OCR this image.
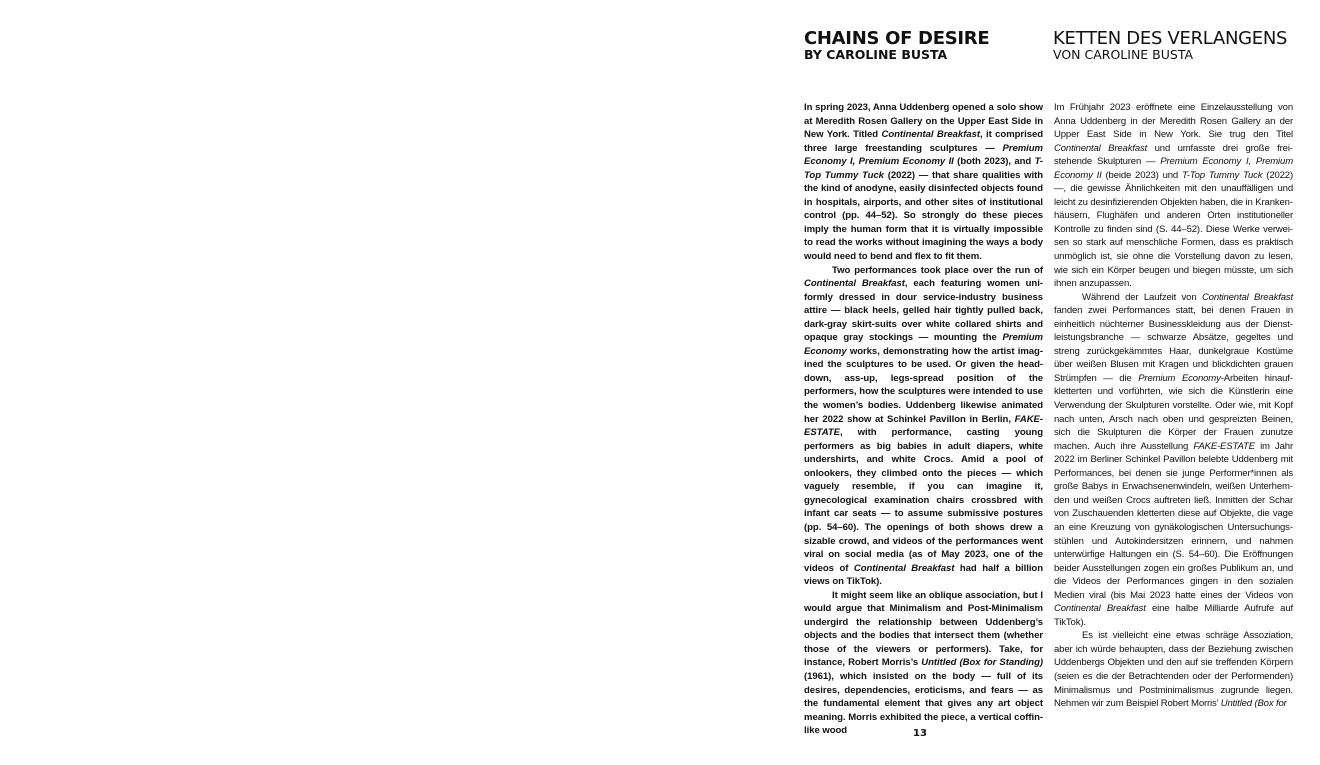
CHAINS OF DESIRE
BY CAROLINE BUSTA
KETTEN DES VERLANGENS
VON CAROLINE BUSTA

In spring 2023, Anna Uddenberg opened a solo show at Meredith Rosen Gallery on the Upper East Side in New York. Titled Continental Breakfast, it comprised three large freestanding sculptures — Premium Economy I, Premium Economy II (both 2023), and T-Top Tummy Tuck (2022) — that share qualities with the kind of anodyne, easily disinfected objects found in hospitals, airports, and other sites of institutional control (pp. 44–52). So strongly do these pieces imply the human form that it is virtually impossible to read the works without imagining the ways a body would need to bend and flex to fit them.

Two performances took place over the run of Continental Breakfast, each featuring women uniformly dressed in dour service-industry business attire — black heels, gelled hair tightly pulled back, dark-gray skirt-suits over white collared shirts and opaque gray stockings — mounting the Premium Economy works, demonstrating how the artist imagined the sculptures to be used. Or given the head-down, ass-up, legs-spread position of the performers, how the sculptures were intended to use the women’s bodies. Uddenberg likewise animated her 2022 show at Schinkel Pavillon in Berlin, FAKE-ESTATE, with performance, casting young performers as big babies in adult diapers, white undershirts, and white Crocs. Amid a pool of onlookers, they climbed onto the pieces — which vaguely resemble, if you can imagine it, gynecological examination chairs crossbred with infant car seats — to assume submissive postures (pp. 54–60). The openings of both shows drew a sizable crowd, and videos of the performances went viral on social media (as of May 2023, one of the videos of Continental Breakfast had half a billion views on TikTok).

It might seem like an oblique association, but I would argue that Minimalism and Post-Minimalism undergird the relationship between Uddenberg’s objects and the bodies that intersect them (whether those of the viewers or performers). Take, for instance, Robert Morris’s Untitled (Box for Standing) (1961), which insisted on the body — full of its desires, dependencies, eroticisms, and fears — as the fundamental element that gives any art object meaning. Morris exhibited the piece, a vertical coffin-like wood

Im Frühjahr 2023 eröffnete eine Einzelausstellung von Anna Uddenberg in der Meredith Rosen Gallery an der Upper East Side in New York. Sie trug den Titel Continental Breakfast und umfasste drei große freistehende Skulpturen — Premium Economy I, Premium Economy II (beide 2023) und T-Top Tummy Tuck (2022) —, die gewisse Ähnlichkeiten mit den unauffälligen und leicht zu desinfizierenden Objekten haben, die in Krankenhäusern, Flughäfen und anderen Orten institutioneller Kontrolle zu finden sind (S. 44–52). Diese Werke verweisen so stark auf menschliche Formen, dass es praktisch unmöglich ist, sie ohne die Vorstellung davon zu lesen, wie sich ein Körper beugen und biegen müsste, um sich ihnen anzupassen.

Während der Laufzeit von Continental Breakfast fanden zwei Performances statt, bei denen Frauen in einheitlich nüchterner Businesskleidung aus der Dienstleistungsbranche — schwarze Absätze, gegeltes und streng zurückgekämmtes Haar, dunkelgraue Kostüme über weißen Blusen mit Kragen und blickdichten grauen Strümpfen — die Premium Economy-Arbeiten hinaufkletterten und vorführten, wie sich die Künstlerin eine Verwendung der Skulpturen vorstellte. Oder wie, mit Kopf nach unten, Arsch nach oben und gespreizten Beinen, sich die Skulpturen die Körper der Frauen zunutze machen. Auch ihre Ausstellung FAKE-ESTATE im Jahr 2022 im Berliner Schinkel Pavillon belebte Uddenberg mit Performances, bei denen sie junge Performer*innen als große Babys in Erwachsenenwindeln, weißen Unterhemden und weißen Crocs auftreten ließ. Inmitten der Schar von Zuschauenden kletterten diese auf Objekte, die vage an eine Kreuzung von gynäkologischen Untersuchungsstühlen und Autokindersitzen erinnern, und nahmen unterwürfige Haltungen ein (S. 54–60). Die Eröffnungen beider Ausstellungen zogen ein großes Publikum an, und die Videos der Performances gingen in den sozialen Medien viral (bis Mai 2023 hatte eines der Videos von Continental Breakfast eine halbe Milliarde Aufrufe auf TikTok).

Es ist vielleicht eine etwas schräge Assoziation, aber ich würde behaupten, dass der Beziehung zwischen Uddenbergs Objekten und den auf sie treffenden Körpern (seien es die der Betrachtenden oder der Performenden) Minimalismus und Postminimalismus zugrunde liegen. Nehmen wir zum Beispiel Robert Morris’ Untitled (Box for

13
